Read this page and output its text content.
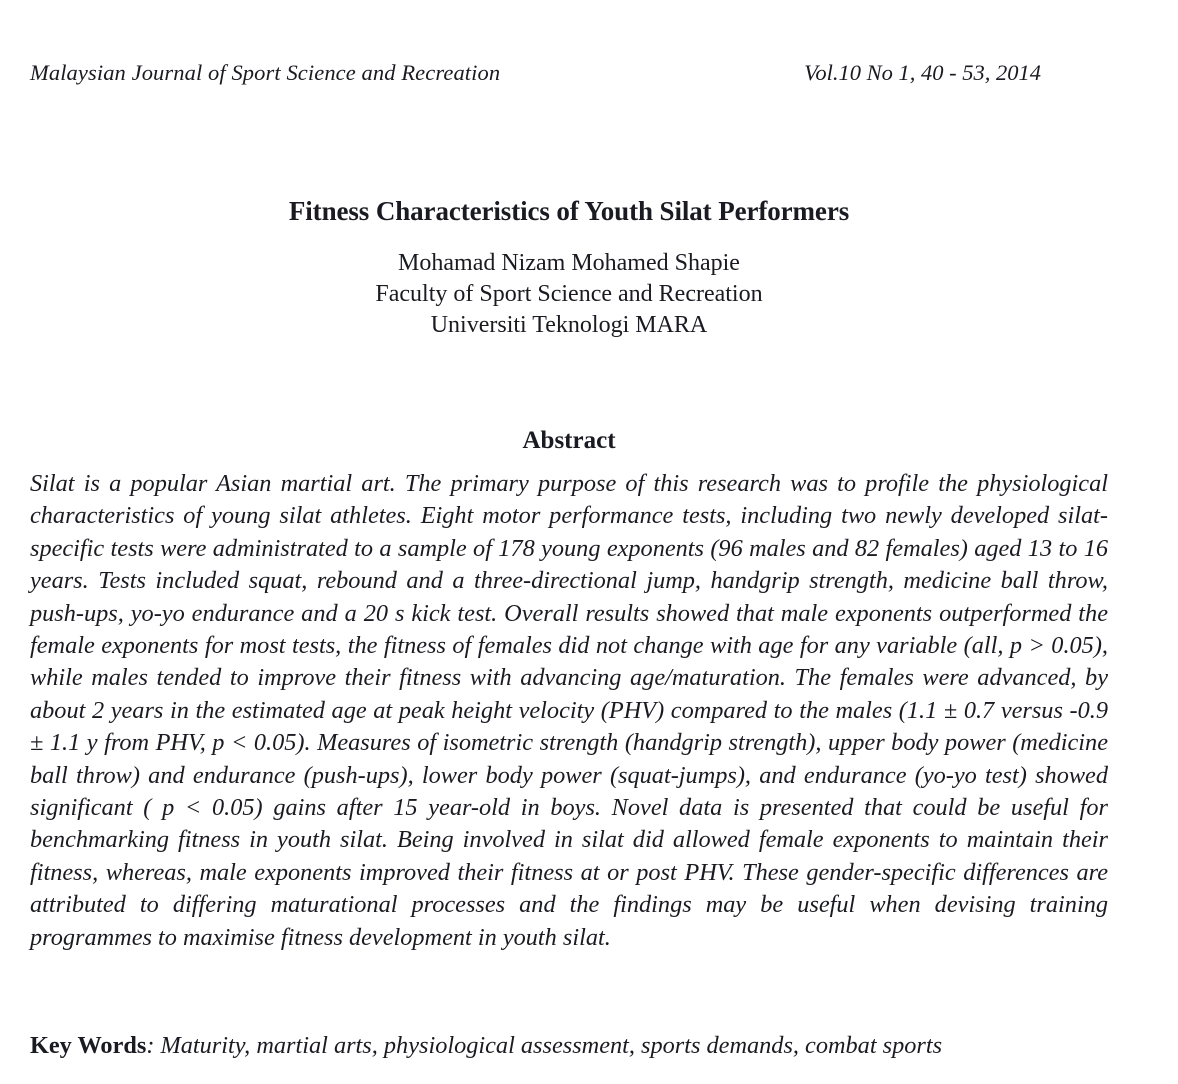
Malaysian Journal of Sport Science and Recreation	Vol.10 No 1, 40 - 53, 2014
Fitness Characteristics of Youth Silat Performers
Mohamad Nizam Mohamed Shapie
Faculty of Sport Science and Recreation
Universiti Teknologi MARA
Abstract

Silat is a popular Asian martial art. The primary purpose of this research was to profile the physiological characteristics of young silat athletes. Eight motor performance tests, including two newly developed silat-specific tests were administrated to a sample of 178 young exponents (96 males and 82 females) aged 13 to 16 years. Tests included squat, rebound and a three-directional jump, handgrip strength, medicine ball throw, push-ups, yo-yo endurance and a 20 s kick test. Overall results showed that male exponents outperformed the female exponents for most tests, the fitness of females did not change with age for any variable (all, p > 0.05), while males tended to improve their fitness with advancing age/maturation. The females were advanced, by about 2 years in the estimated age at peak height velocity (PHV) compared to the males (1.1 ± 0.7 versus -0.9 ± 1.1 y from PHV, p < 0.05). Measures of isometric strength (handgrip strength), upper body power (medicine ball throw) and endurance (push-ups), lower body power (squat-jumps), and endurance (yo-yo test) showed significant ( p < 0.05) gains after 15 year-old in boys. Novel data is presented that could be useful for benchmarking fitness in youth silat. Being involved in silat did allowed female exponents to maintain their fitness, whereas, male exponents improved their fitness at or post PHV. These gender-specific differences are attributed to differing maturational processes and the findings may be useful when devising training programmes to maximise fitness development in youth silat.

Key Words: Maturity, martial arts, physiological assessment, sports demands, combat sports
